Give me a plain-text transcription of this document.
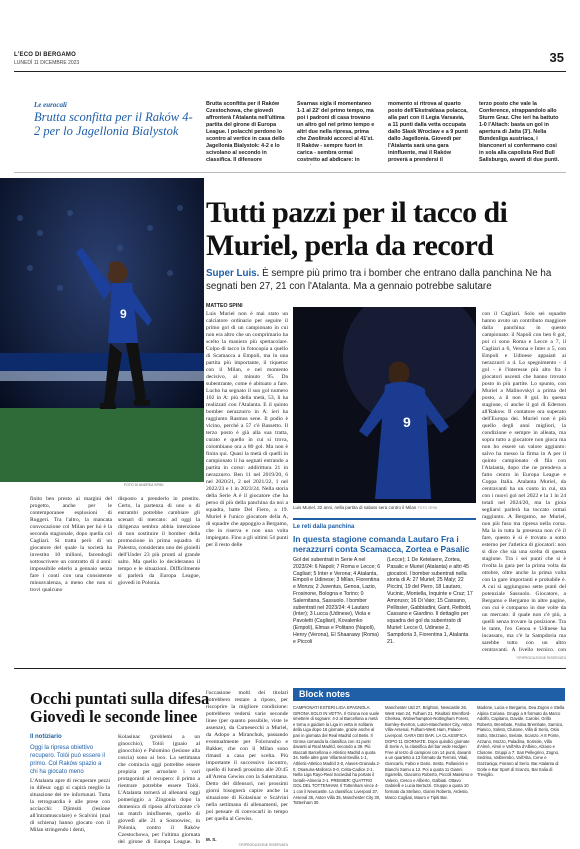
L'ECO DI BERGAMO
LUNEDÌ 11 DICEMBRE 2023	35
Le eurocalí
Brutta sconfitta per il Raków 4-2 per lo Jagellonia Bialystok
Brutta sconfitta per il Raków Czestochowa, che giovedì affronterà l'Atalanta nell'ultima partita del girone di Europa League. I polacchi perdono lo scontro al vertice in casa dello Jagellonia Bialystok: 4-2 e lo scivolano al secondo in classifica. Il difensore
Svarnas sigla il momentaneo 1-1 al 22' del primo tempo, ma poi i padroni di casa trovano un altro gol nel primo tempo e altri due nella ripresa, prima che Zwolinski accorci al 41'st. Il Raków - sempre fuori in carica - sembra ormai costretto ad abdicare: in
momento si ritrova al quarto posto dell'Ekstraklasa polacca, alla pari con il Legia Varsavia, a 11 punti dalla vetta occupata dallo Slask Wroclaw e a 9 punti dallo Jagellonia. Giovedì per l'Atalanta sarà una gara ininfluente, mai il Raków proverà a prendersi il
terzo posto che vale la Conference, strappandolo allo Sturm Graz. Che ieri ha battuto 1-0 l'Altach: basta un gol in apertura di Jatta (3'). Nella Bundesliga austriaca, i bianconeri si confermano così in sola alla capolista Red Bull Salisburgo, avanti di due punti.
9
FOTO DI ANDREA SPINI
Tutti pazzi per il tacco di Muriel, perla da record
Super Luis. È sempre più primo tra i bomber che entrano dalla panchina Ne ha segnati ben 27, 21 con l'Atalanta. Ma a gennaio potrebbe salutare
MATTEO SPINI
Luis Muriel non è mai stato un calciatore ordinario per seguire il primo gol di un campionato in cui non era altro che un comprimario ha scelto la maniera più spettacolare. Colpo di tacco in fotocopia a quello di Scamacca a Empoli, ma in una partita più importante, il tiquetoc con il Milan, e nel momento decisivo, al minuto 95. Da subentrante, come è abituato a fare. Lucho ha segnato il suo gol numero 102 in A: più della metà, 53, li ha realizzati con l'Atalanta. E il quinto bomber nerazzurro in A: ieri ha raggiunto Rasmus sene. Il podio è vicino, perché a 57 c'è Bassetto. Il terzo posto è già alla sua tratta, curato e quello in cui si trova, colombiano ora a 80 gol. Ma non è finita qui. Quasi la metà di quelli in campionato li ha segnati entrando a partita in corso: addirittura 21 in nerazzurro. Ben 11 nel 2019/20, 6 nel 2020/21, 2 nel 2021/22, 1 nel 2022/23 e 1 in 2023/24. Nella storia della Serie A è il giocatore che ha perso di più della panchina da noi a squadra, batte Del Fiero, a 19. Muriel è l'unico giocatore della A, di squadre che appoggio a Bergamo, che in riserva e non una volta impiegato. Fino a gli ultimi 54 punti per il resto delle
finito ben presto ai margini del progetto, anche per le contemporanee esplosioni di Ruggeri. Tra l'altro, la mancata convocazione col Milan per lui è la seconda stagionale, dopo quella col Cagliari. Si tratta però di un giocatore del quale la società ha investito 10 milioni, facendogli sottoscrivere un contratto di 4 anni: impossibile ederlo a gennaio senza fare i conti con una consistente minusvalenza, a meno che non si trovi qualcuno
disposto a prenderlo in prestito. Certo, la partenza di uno o di entrambi potrebbe cambiare gli scenari di mercato: ad oggi la dirigenza sembra abbia intenzione di non sostituire il bomber della promozione in prima squadra di Palestra, considerato uno dei gioielli dell'Under 23 più pronti al grande salto. Ma quello lo decideranno il tempo e le situazioni. Difficilmente si parlerà da Europa League, giovedì in Polonia.
9
Luis Muriel, 32 anni, nella partita di sabato sera contro il Milan FOTO SPINI
Le reti dalla panchina
In questa stagione comanda Lautaro Fra i nerazzurri conta Scamacca, Zortea e Pasalic
Gol dei subentrati in Serie A nel 2023/24: 6 Napoli; 7 Roma e Lecce; 6 Cagliari; 5 Inter e Verona; 4 Atalanta, Empoli e Udinese; 3 Milan, Fiorentina e Monza; 2 Juventus, Genoa, Lazio, Frosinone, Bologna e Torino; 0 Salernitana, Sassuolo. I bomber subentrati nel 2023/24: 4 Lautaro (Inter); 3 Lucca (Udinese), Viola e Pavoletti (Cagliari), Kovalenko (Empoli), Elmas e Politano (Napoli), Henry (Verona), El Shaarawy (Roma) e Piccoli
(Lecce); 1 De Ketelaere, Zortea, Pasalic e Muriel (Atalanta) e altri 45 giocatori. I bomber subentrati nella storia di A: 27 Muriel; 25 Maly; 22 Piccini, 19 del Piero, 18 Lautaro, Vucinic, Montella, Inquinte e Cruz; 17 Amoruso; 16 Di Vaio; 15 Cassano, Pellissier, Gabbiadini, Gant, Retbold, Cassano e Giardino. Il dettaglio per squadra dei gol da subentrato di Muriel: Lecce 0, Udinese 2, Sampdoria 3, Fiorentina 1, Atalanta 21.
con il Cagliari. Solo sei squadre hanno avuto un contributo maggiore dalla panchina: in questo campionato: il Napoli con ben 8 gol, poi ci sono Roma e Lecce a 7, il Cagliari a 6, Verona e Inter a 5, con Empoli e Udinese appaiati ai nerazzurri a 4. Lo spegnimento - 4 gol - è l'interesse più alto fra i giocatori uscenti che hanno trovato posto in più partite. Lo spunto, con Muriel a Malinovskyi a prima del posto, a il non 8 gol. In questa stagione, ci anche il gol di Ederson all'Rakow. Il contatore ora superato dell'Europa dei. Muriel non è più quello degli anni migliori, la condizione e sempre in alleata, ma sopra tutto a giocatore non gioca ma non ho essere un valore aggiunto: salvo ha messo la firma in A per il quinto campionato di fila con l'Atalanta, dopo che ne prendeva a fatto centro in Europa League e Coppa Italia. Atalanta Muriel, da centravanti ha un conto in cui, sta con i nuovi gol nel 2022 e la 1 in 24 totali nel 2024/20, ma la gioia segliarsi parlerà ha toccato ormai raggiunto. A Bergamo, ne Muriel, non più fuso ma ripresa nella corsa. Ma la in tutta la presenza non c'è il fare, questo è si è trovato a sotto esterno per l'atletica di giocatori: non si dice che sia una scelta di questa stagione. Tra i sei punti che si è rivolta la gara per la prima volta da ottobre, oltre anche la prima volta con la gare importanti e probabile è. A cui si aggiungono sette punti del potenziale Sassuolo. Giocatore, a Bergamo e Bergamo in altre pagine, con cui è comparso in due volte da un mercato: il quale non c'è più, a quelli senza trovare la posizione. Tra le tante, l'ex Genoa e Udinese ha incassato, ma c'è la Sampdoria ma sarebbe tutto con un altro centravanti. A livello tecnico, con
©RIPRODUZIONE RISERVATA
Occhi puntati sulla difesa Giovedì le seconde linee
Il notiziario
Oggi la ripresa obiettivo recupero. Tolói può essere il primo. Col Raków spazio a chi ha giocato meno
L'Atalanta apre di recuperare pezzi in difesa: oggi si capirà meglio la situazione dei tre infortunati. Tutta la retroguardia è alle prese con acciacchi: Djimsiti (lesione all'intramuscolare) e Scalvini (mal di schiena) hanno giocato con il Milan stringendo i denti,
Kolasinac (problemi a un ginocchio), Tolói (guaio al ginocchio) e Palomino (lesione alla coscia) sono ai box. La settimana che comincia oggi potrebbe essere propizia per arruolare i vari protagonisti al recupero: il primo a rientrare potrebbe essere Tolói. L'Atalanta tornerà al allenarsi oggi pomeriggio a Zingonia dopo la domenica di riposo all'orizzonte c'è un match ininfluente, quello di giovedì alle 21 a Sosnowiec, in Polonia, contro il Raków Czestochowa, per l'ultima giornata del girone di Europa League. In
l'occasione molti dei titolari potrebbero restare a riposo, per riscoprire la migliore condizione: potrebbero vedersi varie seconde linee (per quanto possibile, viste le assenze), da Carnesecchi a Muriel, da Adopo a Miranchuk, passando eventualmente per Folorunsho e Bakker, che con il Milan sono rimasti a casa per scelta. Più importante il successivo incontro, quello di lunedì prossimo alle 20:45 all'Arena Gewiss con la Salernitana. Detto del difensori, nei prossimi giorni bisognerà capire anche la situazione di Kolasinac e Scalvini nella settimana di allenamenti, per poi pensare di convocarli in tempo per quella al Gewiss.
M. S.
©RIPRODUZIONE RISERVATA
Block notes
CAMPIONATI ESTERI LIGA SPAGNOLA: GIRONA SOLO IN VETTA. Il Girona non vuole smettere di sognare: 4-2 al Barcellona a metà e torna a guidare la Liga in vetta in solitaria della Liga dopo 16 giornate, grazie anche al pari in giornata del Real Madrid col Betis. Il Girona comanda la classifica con 41 punti davanti al Real Madrid, secondo a 39. Più staccati Barcellona e Atletico Madrid a quota 34. Nelle altre gare Villarreal-Sevilla 1-1, Athletic-Atletico Madrid 2-0, Alaves-Granada 2-0, Osasuna-Mallorca 0-0, Celta-Cadice 2-1. Nella Liga Rayo-Real Sociedad ha portato il Getafe-Almeria 2-1. PREMIER: QUATTRO GOL DEL TOTTENHAM. Il Tottenham vince 4-1 con il Newcastle. La classifica: Liverpool 37, Arsenal 36, Aston Villa 35, Manchester City 30, Tottenham 30.
Manchester Utd 27, Brighton, Newcastle 26, West Ham 24, Fulham 21. Risultati: Brentford-Chelsea, Wolverhampton-Nottingham Forest, Burnley-Everton, Luton-Manchester City, Aston Villa-Arsenal, Fulham-West Ham, Palace-Liverpool. GARA DEI BAR. LA CLASSIFICA DOPO 11 GIORNATE. Dopo quindici giornate di Serie A, la classifica del bar vede Hodgen Free al terzo di campioni con 14 punti, davanti a un quartetto a 13 formato da Termini, Vitali, Giancarlo, Fabio e Dario. Sesto, Pallavicini e Bianchi Samu a 12. Poi a quota 11 Gianni Sgarrella, Giacomo Roberto, Piccoli Massimo e Valerio, Cesco e Alberto, Galbiati. Ottavo Gabrielli e Lucia Bertuzzi. Gruppo a quota 10 formato da Stefano, Gianni Roberto, Ardesio, Marco Cogliati, Mauro e Tipiti Bar.
Madone, Lucia e Bergamo, Dea Zogno e Stella Alpina Coriana. Gruppi a 9 formato da Marco Adolfo, Capitano, Davide, Carolei, Grillo Roberto, Brembate, Fatina Brembate, Sarnico, Pianico, Soleto, Clusone, Villa di Serio, Osio Sotto, Stezzano, Seriate, Scanzo. A 8 Ponte, Azzano, Mozzo, Paladina, Sorisole, Villa d'Almè, Almè e Vall'Alta d'Albino, Alzano e Clusone. Gruppi a 7: San Pellegrino, Zogno, Sedrina, Valbrembo, Vall'Alta, Cene e Gazzaniga, Fiorano al Serio. Bar Atalanta di Gorle e Bar Sport di Scanzo, Bar Italia di Treviglio.
